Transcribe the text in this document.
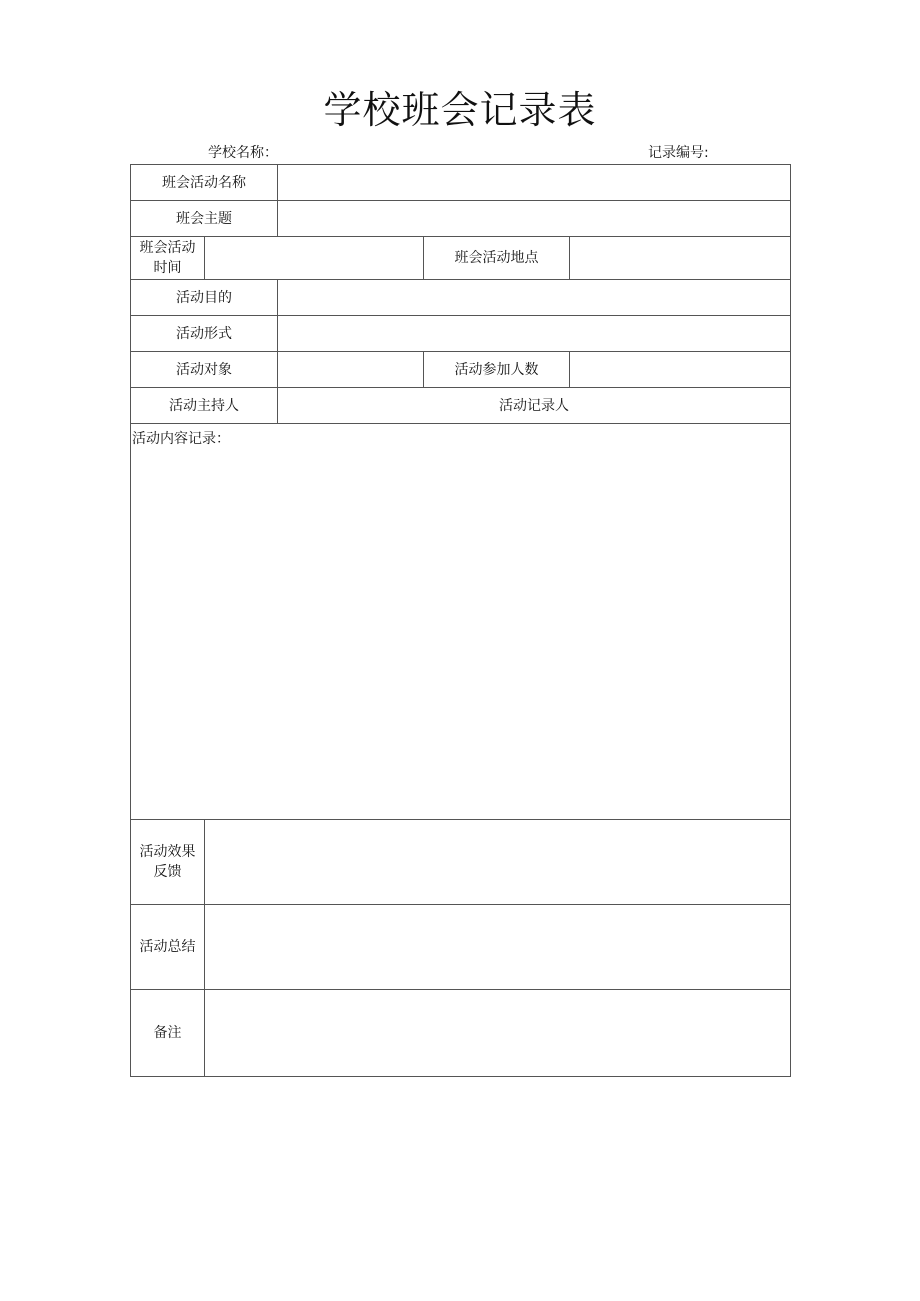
学校班会记录表
学校名称：	记录编号:
班会活动名称				
班会主题				
班会活动时间			班会活动地点	
活动目的				
活动形式				
活动对象			活动参加人数	
活动主持人		活动记录人		

活动内容记录：				

活动效果反馈				
活动总结				
备注				
